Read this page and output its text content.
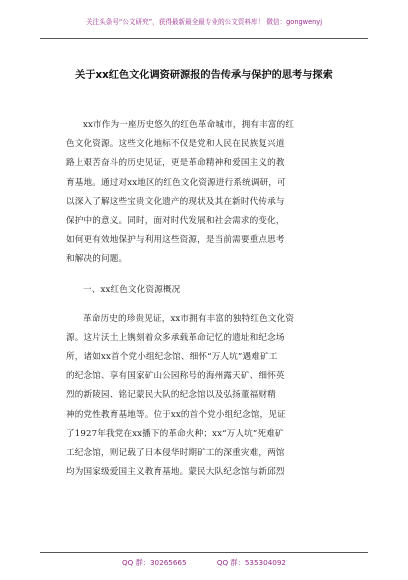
关注头条号“公文研究”，获得最新最全最专业的公文资料库！ 微信：gongwenyj
关于xx红色文化调资研源报的告传承与保护的思考与探索
xx市作为一座历史悠久的红色革命城市，拥有丰富的红
色文化资源。这些文化地标不仅是党和人民在民族复兴道
路上艰苦奋斗的历史见证，更是革命精神和爱国主义的教
育基地。通过对xx地区的红色文化资源进行系统调研，可
以深入了解这些宝贵文化遗产的现状及其在新时代传承与
保护中的意义。同时，面对时代发展和社会需求的变化，
如何更有效地保护与利用这些资源，是当前需要重点思考
和解决的问题。
一、xx红色文化资源概况
革命历史的珍贵见证，xx市拥有丰富的独特红色文化资
源。这片沃土上镌刻着众多承载革命记忆的遗址和纪念场
所，诸如xx首个党小组纪念馆、细怀“万人坑”遇难矿工
的纪念馆、享有国家矿山公园称号的海州露天矿、细怀英
烈的新陵园、铭记蒙民大队的纪念馆以及弘扬董福财精
神的党性教育基地等。位于xx的首个党小组纪念馆，见证
了1927年我党在xx播下的革命火种；xx“万人坑”死难矿
工纪念馆，则记载了日本侵华时期矿工的深重灾难，两馆
均为国家级爱国主义教育基地。蒙民大队纪念馆与新邱烈
QQ 群：30265665	QQ 群：535304092
